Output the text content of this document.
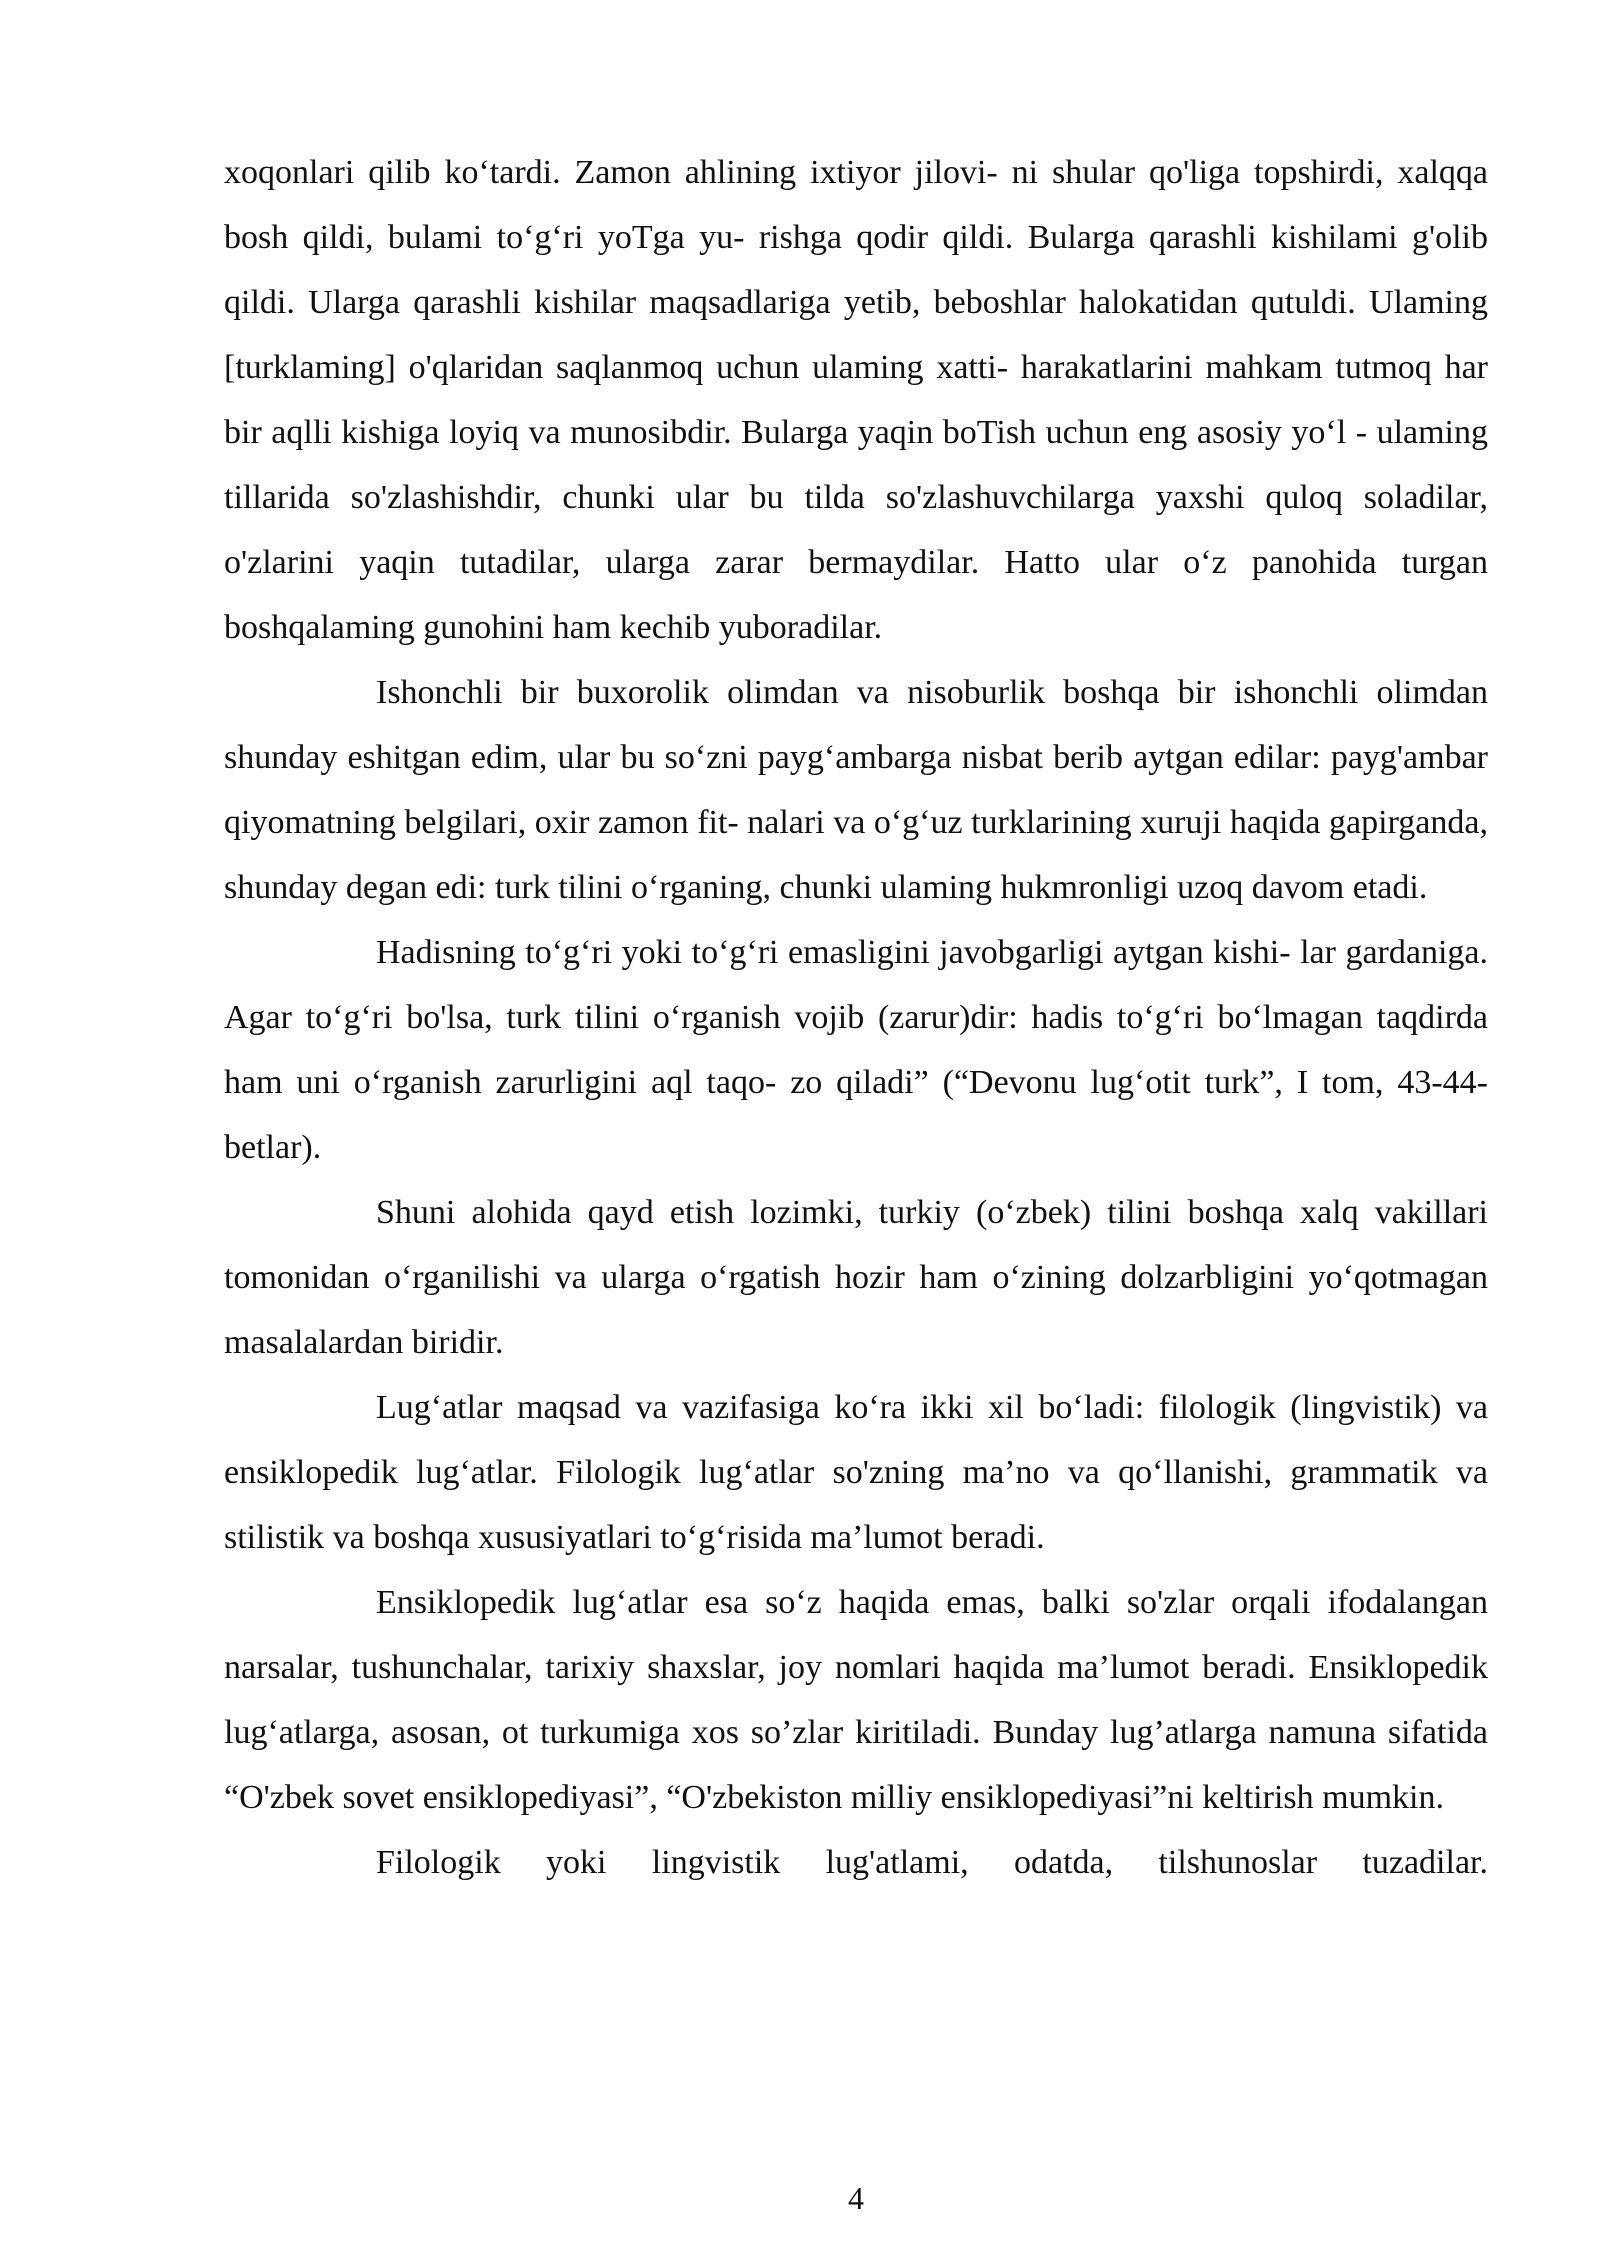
xoqonlari qilib ko‘tardi. Zamon ahlining ixtiyor jilovi- ni shular qo'liga topshirdi, xalqqa bosh qildi, bulami to‘g‘ri yoTga yu- rishga qodir qildi. Bularga qarashli kishilami g'olib qildi. Ularga qarashli kishilar maqsadlariga yetib, beboshlar halokatidan qutuldi. Ulaming [turklaming] o'qlaridan saqlanmoq uchun ulaming xatti- harakatlarini mahkam tutmoq har bir aqlli kishiga loyiq va munosibdir. Bularga yaqin boTish uchun eng asosiy yo‘l - ulaming tillarida so'zlashishdir, chunki ular bu tilda so'zlashuvchilarga yaxshi quloq soladilar, o'zlarini yaqin tutadilar, ularga zarar bermaydilar. Hatto ular o‘z panohida turgan boshqalaming gunohini ham kechib yuboradilar.

Ishonchli bir buxorolik olimdan va nisoburlik boshqa bir ishonchli olimdan shunday eshitgan edim, ular bu so‘zni payg‘ambarga nisbat berib aytgan edilar: payg'ambar qiyomatning belgilari, oxir zamon fit- nalari va o‘g‘uz turklarining xuruji haqida gapirganda, shunday degan edi: turk tilini o‘rganing, chunki ulaming hukmronligi uzoq davom etadi.

Hadisning to‘g‘ri yoki to‘g‘ri emasligini javobgarligi aytgan kishi- lar gardaniga. Agar to‘g‘ri bo'lsa, turk tilini o‘rganish vojib (zarur)dir: hadis to‘g‘ri bo‘lmagan taqdirda ham uni o‘rganish zarurligini aql taqo- zo qiladi” (“Devonu lug‘otit turk”, I tom, 43-44-betlar).

Shuni alohida qayd etish lozimki, turkiy (o‘zbek) tilini boshqa xalq vakillari tomonidan o‘rganilishi va ularga o‘rgatish hozir ham o‘zining dolzarbligini yo‘qotmagan masalalardan biridir.

Lug‘atlar maqsad va vazifasiga ko‘ra ikki xil bo‘ladi: filologik (lingvistik) va ensiklopedik lug‘atlar. Filologik lug‘atlar so'zning ma’no va qo‘llanishi, grammatik va stilistik va boshqa xususiyatlari to‘g‘risida ma’lumot beradi.

Ensiklopedik lug‘atlar esa so‘z haqida emas, balki so'zlar orqali ifodalangan narsalar, tushunchalar, tarixiy shaxslar, joy nomlari haqida ma’lumot beradi. Ensiklopedik lug‘atlarga, asosan, ot turkumiga xos so’zlar kiritiladi. Bunday lug’atlarga namuna sifatida “O'zbek sovet ensiklopediyasi”, “O'zbekiston milliy ensiklopediyasi”ni keltirish mumkin.

Filologik yoki lingvistik lug'atlami, odatda, tilshunoslar tuzadilar.

4
